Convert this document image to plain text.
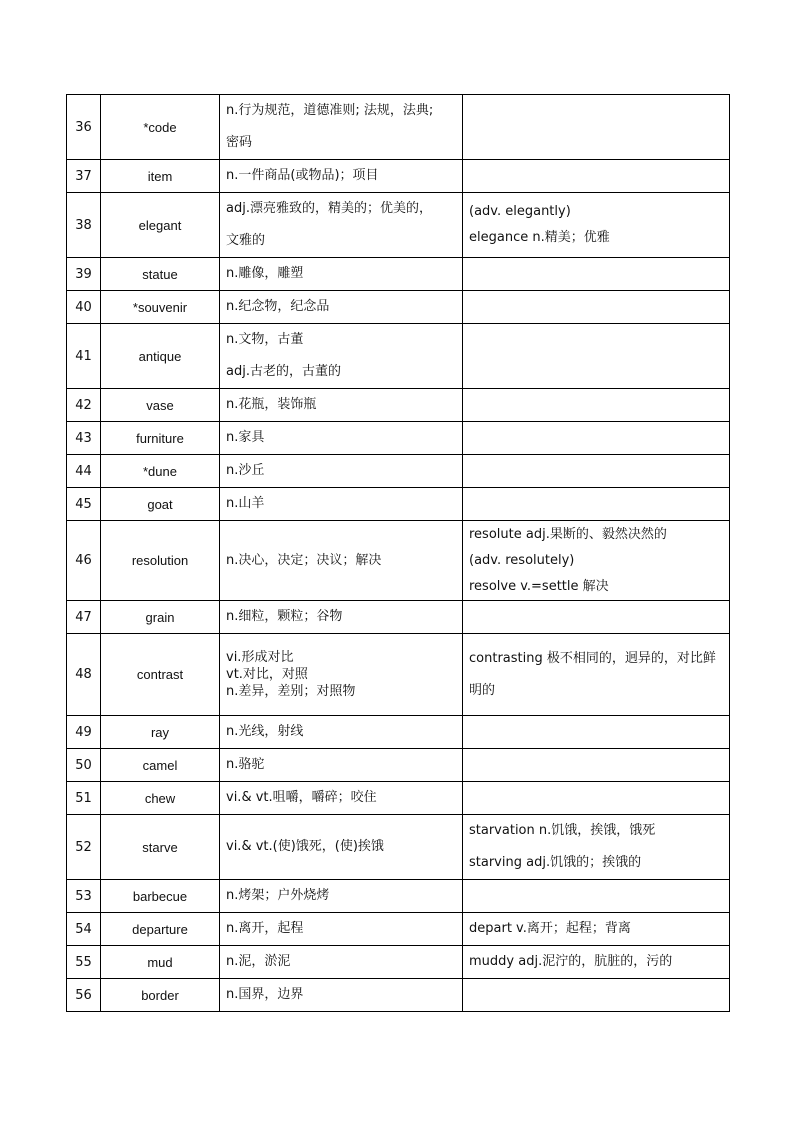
36	*code	n.行为规范，道德准则; 法规，法典;
密码	

37	item	n.一件商品(或物品)；项目	

38	elegant	adj.漂亮雅致的，精美的；优美的，
文雅的	(adv. elegantly)
elegance n.精美；优雅

39	statue	n.雕像，雕塑	

40	*souvenir	n.纪念物，纪念品	

41	antique	n.文物，古董
adj.古老的，古董的	

42	vase	n.花瓶，装饰瓶	

43	furniture	n.家具	

44	*dune	n.沙丘	

45	goat	n.山羊	

46	resolution	n.决心，决定；决议；解决	resolute adj.果断的、毅然决然的
(adv. resolutely)
resolve v.=settle 解决

47	grain	n.细粒，颗粒；谷物	

48	contrast	vi.形成对比
vt.对比，对照
n.差异，差别；对照物	contrasting 极不相同的，迥异的，对比鲜明的

49	ray	n.光线，射线	

50	camel	n.骆驼	

51	chew	vi.& vt.咀嚼，嚼碎；咬住	

52	starve	vi.& vt.(使)饿死，(使)挨饿	starvation n.饥饿，挨饿，饿死
starving adj.饥饿的；挨饿的

53	barbecue	n.烤架；户外烧烤	

54	departure	n.离开，起程	depart v.离开；起程；背离

55	mud	n.泥，淤泥	muddy adj.泥泞的，肮脏的，污的

56	border	n.国界，边界	
